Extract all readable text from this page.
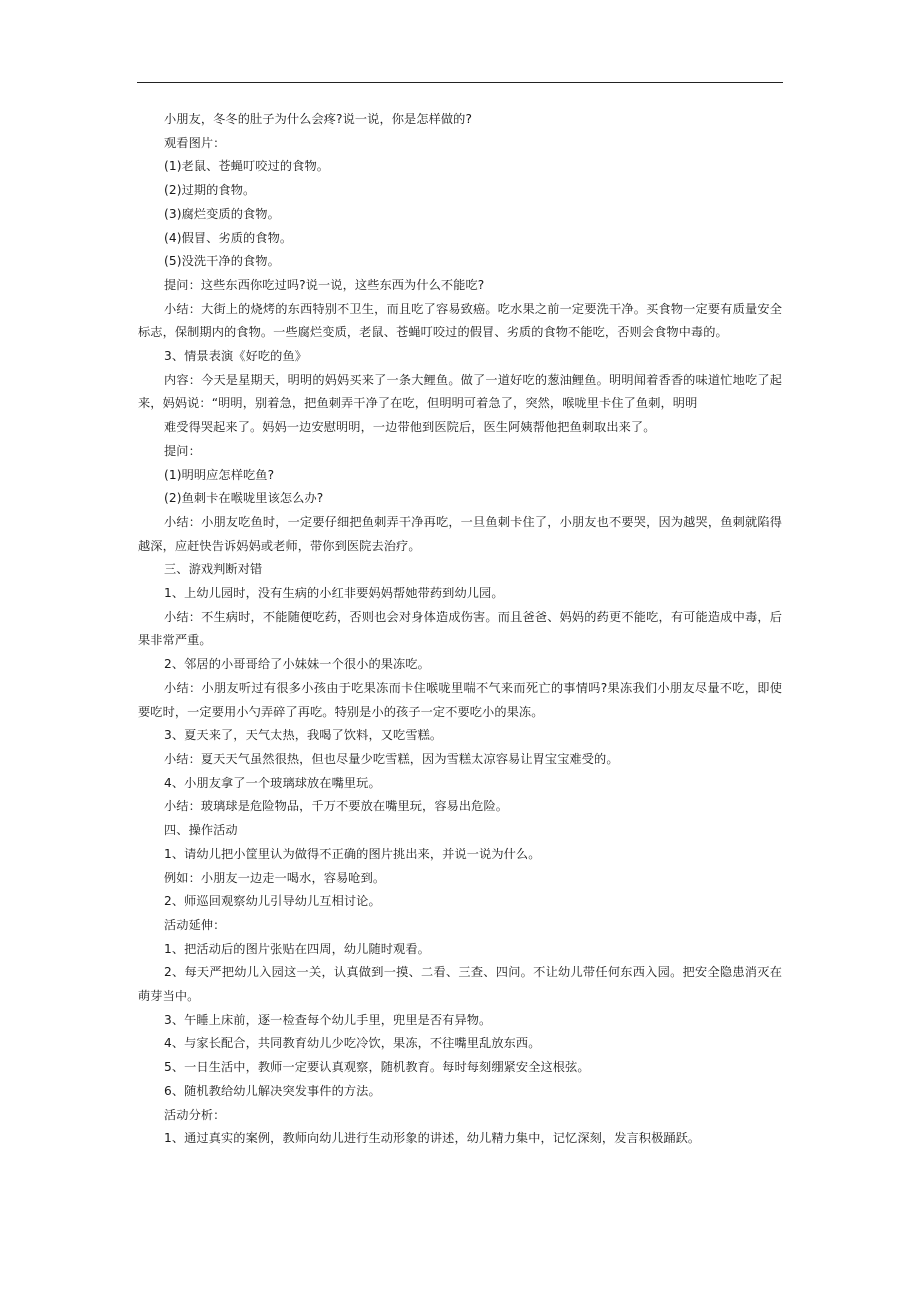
小朋友，冬冬的肚子为什么会疼?说一说，你是怎样做的?

观看图片：

(1)老鼠、苍蝇叮咬过的食物。

(2)过期的食物。

(3)腐烂变质的食物。

(4)假冒、劣质的食物。

(5)没洗干净的食物。

提问：这些东西你吃过吗?说一说，这些东西为什么不能吃?

小结：大街上的烧烤的东西特别不卫生，而且吃了容易致癌。吃水果之前一定要洗干净。买食物一定要有质量安全标志，保制期内的食物。一些腐烂变质，老鼠、苍蝇叮咬过的假冒、劣质的食物不能吃，否则会食物中毒的。

3、情景表演《好吃的鱼》

内容：今天是星期天，明明的妈妈买来了一条大鲤鱼。做了一道好吃的葱油鲤鱼。明明闻着香香的味道忙地吃了起来，妈妈说：“明明，别着急，把鱼刺弄干净了在吃，但明明可着急了，突然，喉咙里卡住了鱼刺，明明

难受得哭起来了。妈妈一边安慰明明，一边带他到医院后，医生阿姨帮他把鱼刺取出来了。

提问：

(1)明明应怎样吃鱼?

(2)鱼刺卡在喉咙里该怎么办?

小结：小朋友吃鱼时，一定要仔细把鱼刺弄干净再吃，一旦鱼刺卡住了，小朋友也不要哭，因为越哭，鱼刺就陷得越深，应赶快告诉妈妈或老师，带你到医院去治疗。

三、游戏判断对错

1、上幼儿园时，没有生病的小红非要妈妈帮她带药到幼儿园。

小结：不生病时，不能随便吃药，否则也会对身体造成伤害。而且爸爸、妈妈的药更不能吃，有可能造成中毒，后果非常严重。

2、邻居的小哥哥给了小妹妹一个很小的果冻吃。

小结：小朋友听过有很多小孩由于吃果冻而卡住喉咙里喘不气来而死亡的事情吗?果冻我们小朋友尽量不吃，即使要吃时，一定要用小勺弄碎了再吃。特别是小的孩子一定不要吃小的果冻。

3、夏天来了，天气太热，我喝了饮料，又吃雪糕。

小结：夏天天气虽然很热，但也尽量少吃雪糕，因为雪糕太凉容易让胃宝宝难受的。

4、小朋友拿了一个玻璃球放在嘴里玩。

小结：玻璃球是危险物品，千万不要放在嘴里玩，容易出危险。

四、操作活动

1、请幼儿把小筐里认为做得不正确的图片挑出来，并说一说为什么。

例如：小朋友一边走一喝水，容易呛到。

2、师巡回观察幼儿引导幼儿互相讨论。

活动延伸：

1、把活动后的图片张贴在四周，幼儿随时观看。

2、每天严把幼儿入园这一关，认真做到一摸、二看、三查、四问。不让幼儿带任何东西入园。把安全隐患消灭在萌芽当中。

3、午睡上床前，逐一检查每个幼儿手里，兜里是否有异物。

4、与家长配合，共同教育幼儿少吃冷饮，果冻，不往嘴里乱放东西。

5、一日生活中，教师一定要认真观察，随机教育。每时每刻绷紧安全这根弦。

6、随机教给幼儿解决突发事件的方法。

活动分析：

1、通过真实的案例，教师向幼儿进行生动形象的讲述，幼儿精力集中，记忆深刻，发言积极踊跃。
